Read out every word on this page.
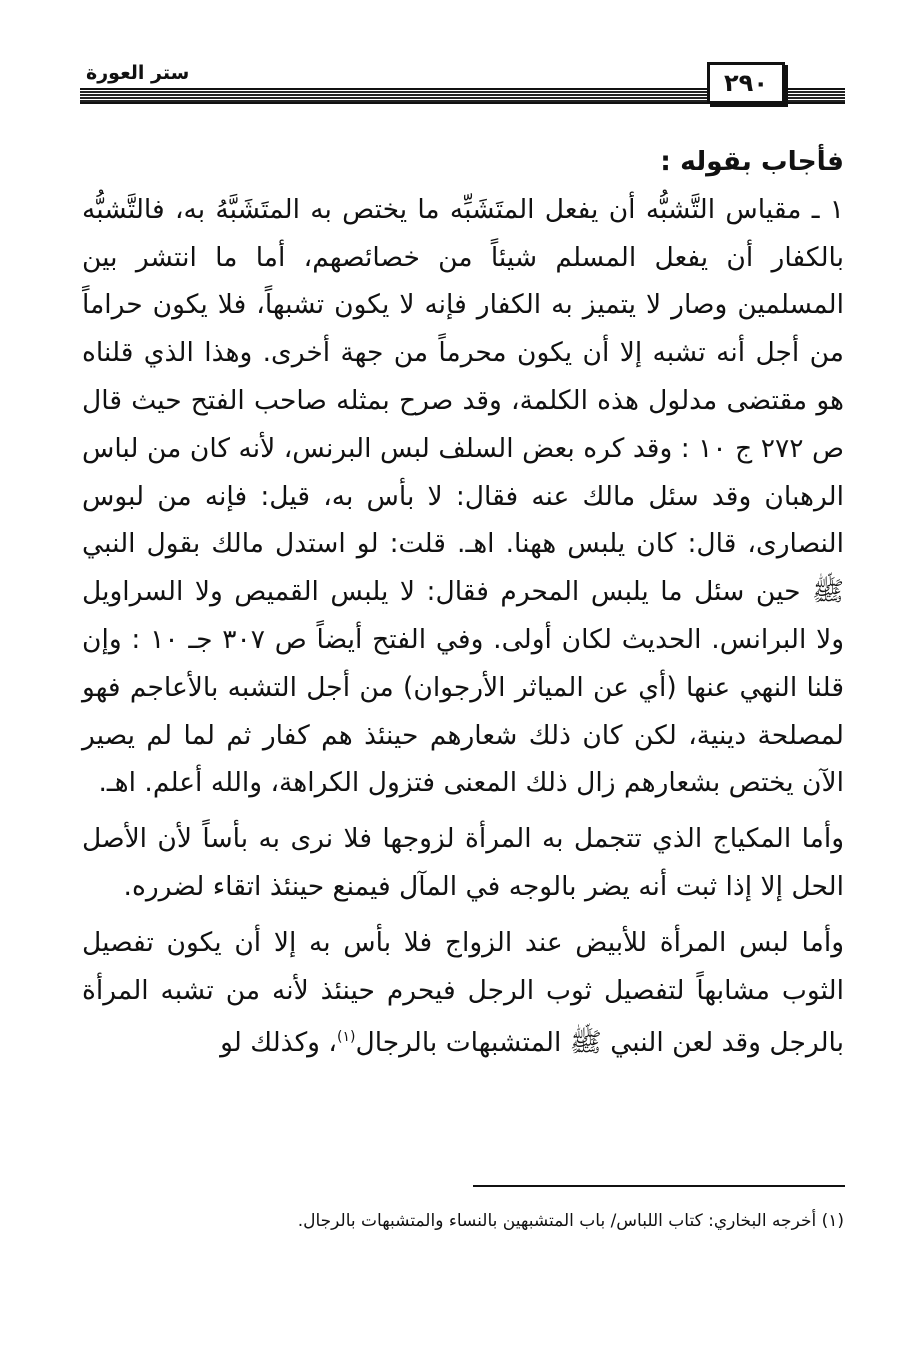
٢٩٠
ستر العورة

فأجاب بقوله :

١ ـ مقياس التَّشبُّه أن يفعل المتَشَبِّه ما يختص به المتَشَبَّهُ به، فالتَّشبُّه بالكفار أن يفعل المسلم شيئاً من خصائصهم، أما ما انتشر بين المسلمين وصار لا يتميز به الكفار فإنه لا يكون تشبهاً، فلا يكون حراماً من أجل أنه تشبه إلا أن يكون محرماً من جهة أخرى. وهذا الذي قلناه هو مقتضى مدلول هذه الكلمة، وقد صرح بمثله صاحب الفتح حيث قال ص ٢٧٢ ج ١٠ : وقد كره بعض السلف لبس البرنس، لأنه كان من لباس الرهبان وقد سئل مالك عنه فقال: لا بأس به، قيل: فإنه من لبوس النصارى، قال: كان يلبس ههنا. اهـ. قلت: لو استدل مالك بقول النبي ﷺ حين سئل ما يلبس المحرم فقال: لا يلبس القميص ولا السراويل ولا البرانس. الحديث لكان أولى. وفي الفتح أيضاً ص ٣٠٧ جـ ١٠ : وإن قلنا النهي عنها (أي عن المياثر الأرجوان) من أجل التشبه بالأعاجم فهو لمصلحة دينية، لكن كان ذلك شعارهم حينئذ هم كفار ثم لما لم يصير الآن يختص بشعارهم زال ذلك المعنى فتزول الكراهة، والله أعلم. اهـ.

وأما المكياج الذي تتجمل به المرأة لزوجها فلا نرى به بأساً لأن الأصل الحل إلا إذا ثبت أنه يضر بالوجه في المآل فيمنع حينئذ اتقاء لضرره.

وأما لبس المرأة للأبيض عند الزواج فلا بأس به إلا أن يكون تفصيل الثوب مشابهاً لتفصيل ثوب الرجل فيحرم حينئذ لأنه من تشبه المرأة بالرجل وقد لعن النبي ﷺ المتشبهات بالرجال$^{(١)}$، وكذلك لو

(١) أخرجه البخاري: كتاب اللباس/ باب المتشبهين بالنساء والمتشبهات بالرجال.
